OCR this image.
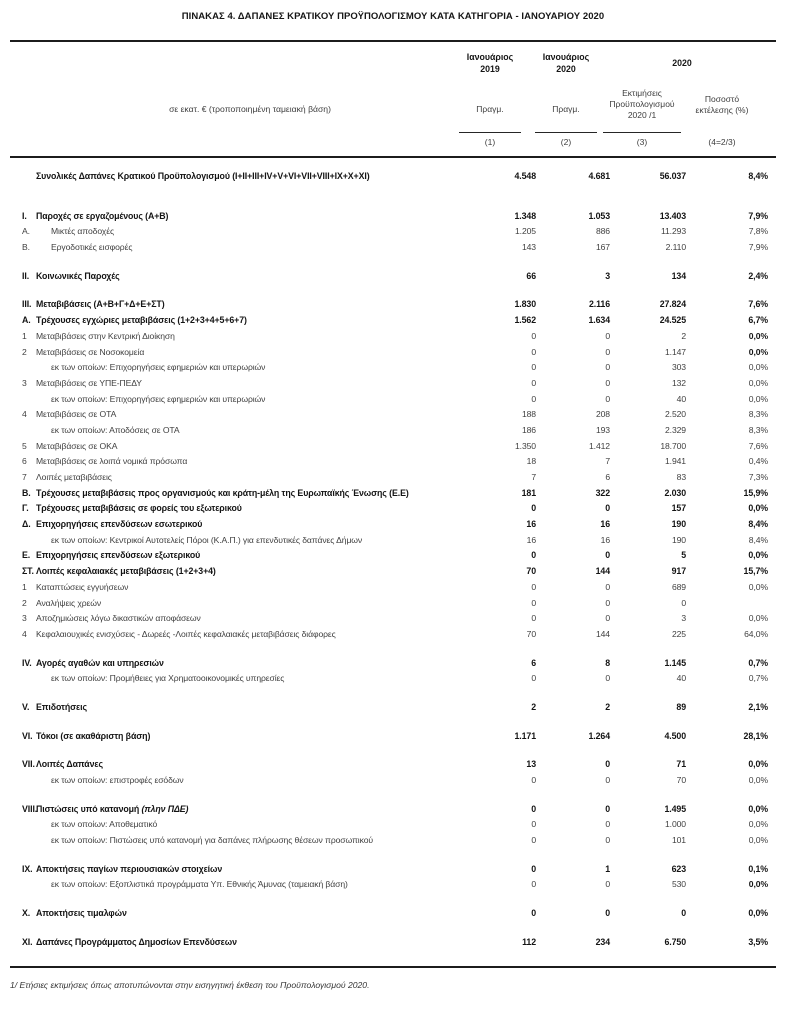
ΠΙΝΑΚΑΣ 4. ΔΑΠΑΝΕΣ ΚΡΑΤΙΚΟΥ ΠΡΟΫΠΟΛΟΓΙΣΜΟΥ ΚΑΤΑ ΚΑΤΗΓΟΡΙΑ - ΙΑΝΟΥΑΡΙΟΥ 2020
Ιανουάριος
2019
Ιανουάριος
2020
2020
σε εκατ. € (τροποποιημένη ταμειακή βάση)	Πραγμ.	Πραγμ.
Εκτιμήσεις
Προϋπολογισμού
2020 /1
Ποσοστό
εκτέλεσης (%)
(1)	(2)	(3)	(4=2/3)
Συνολικές Δαπάνες Κρατικού Προϋπολογισμού (I+II+III+IV+V+VI+VII+VIII+IX+X+XI)	4.548	4.681	56.037	8,4%
I.	Παροχές σε εργαζομένους (Α+Β)	1.348	1.053	13.403	7,9%
Α.	Μικτές αποδοχές	1.205	886	11.293	7,8%
Β.	Εργοδοτικές εισφορές	143	167	2.110	7,9%
II. Κοινωνικές Παροχές	66	3	134	2,4%
III. Μεταβιβάσεις (Α+Β+Γ+Δ+Ε+ΣΤ)	1.830	2.116	27.824	7,6%
Α. Τρέχουσες εγχώριες μεταβιβάσεις (1+2+3+4+5+6+7)	1.562	1.634	24.525	6,7%
1	Μεταβιβάσεις στην Κεντρική Διοίκηση	0	0	2	0,0%
2	Μεταβιβάσεις σε Νοσοκομεία	0	0	1.147	0,0%
εκ των οποίων: Επιχορηγήσεις εφημεριών και υπερωριών	0	0	303	0,0%
3	Μεταβιβάσεις σε ΥΠΕ-ΠΕΔΥ	0	0	132	0,0%
εκ των οποίων: Επιχορηγήσεις εφημεριών και υπερωριών	0	0	40	0,0%
4	Μεταβιβάσεις σε ΟΤΑ	188	208	2.520	8,3%
εκ των οποίων: Αποδόσεις σε ΟΤΑ	186	193	2.329	8,3%
5	Μεταβιβάσεις σε ΟΚΑ	1.350	1.412	18.700	7,6%
6	Μεταβιβάσεις σε λοιπά νομικά πρόσωπα	18	7	1.941	0,4%
7	Λοιπές μεταβιβάσεις	7	6	83	7,3%
Β. Τρέχουσες μεταβιβάσεις προς οργανισμούς και κράτη-μέλη της Ευρωπαϊκής Ένωσης (Ε.Ε)	181	322	2.030	15,9%
Γ. Τρέχουσες μεταβιβάσεις σε φορείς του εξωτερικού	0	0	157	0,0%
Δ. Επιχορηγήσεις επενδύσεων εσωτερικού	16	16	190	8,4%
εκ των οποίων: Κεντρικοί Αυτοτελείς Πόροι (Κ.Α.Π.) για επενδυτικές δαπάνες Δήμων	16	16	190	8,4%
Ε. Επιχορηγήσεις επενδύσεων εξωτερικού	0	0	5	0,0%
ΣΤ. Λοιπές κεφαλαιακές μεταβιβάσεις (1+2+3+4)	70	144	917	15,7%
1	Καταπτώσεις εγγυήσεων	0	0	689	0,0%
2	Αναλήψεις χρεών	0	0	0
3	Αποζημιώσεις λόγω δικαστικών αποφάσεων	0	0	3	0,0%
4	Κεφαλαιουχικές ενισχύσεις - Δωρεές -Λοιπές κεφαλαιακές μεταβιβάσεις διάφορες	70	144	225	64,0%
IV. Αγορές αγαθών και υπηρεσιών	6	8	1.145	0,7%
εκ των οποίων: Προμήθειες για Χρηματοοικονομικές υπηρεσίες	0	0	40	0,7%
V. Επιδοτήσεις	2	2	89	2,1%
VI. Τόκοι (σε ακαθάριστη βάση)	1.171	1.264	4.500	28,1%
VII. Λοιπές Δαπάνες	13	0	71	0,0%
εκ των οποίων: επιστροφές εσόδων	0	0	70	0,0%
VIII.
Πιστώσεις υπό κατανομή (πλην ΠΔΕ)	0	0	1.495	0,0%
εκ των οποίων: Αποθεματικό	0	0	1.000	0,0%
εκ των οποίων: Πιστώσεις υπό κατανομή για δαπάνες πλήρωσης θέσεων προσωπικού	0	0	101	0,0%
IX. Αποκτήσεις παγίων περιουσιακών στοιχείων	0	1	623	0,1%
εκ των οποίων: Εξοπλιστικά προγράμματα Υπ. Εθνικής Άμυνας (ταμειακή βάση)	0	0	530	0,0%
X. Αποκτήσεις τιμαλφών	0	0	0	0,0%
XI. Δαπάνες Προγράμματος Δημοσίων Επενδύσεων	112	234	6.750	3,5%
1/ Ετήσιες εκτιμήσεις όπως αποτυπώνονται στην εισηγητική έκθεση του Προϋπολογισμού 2020.
